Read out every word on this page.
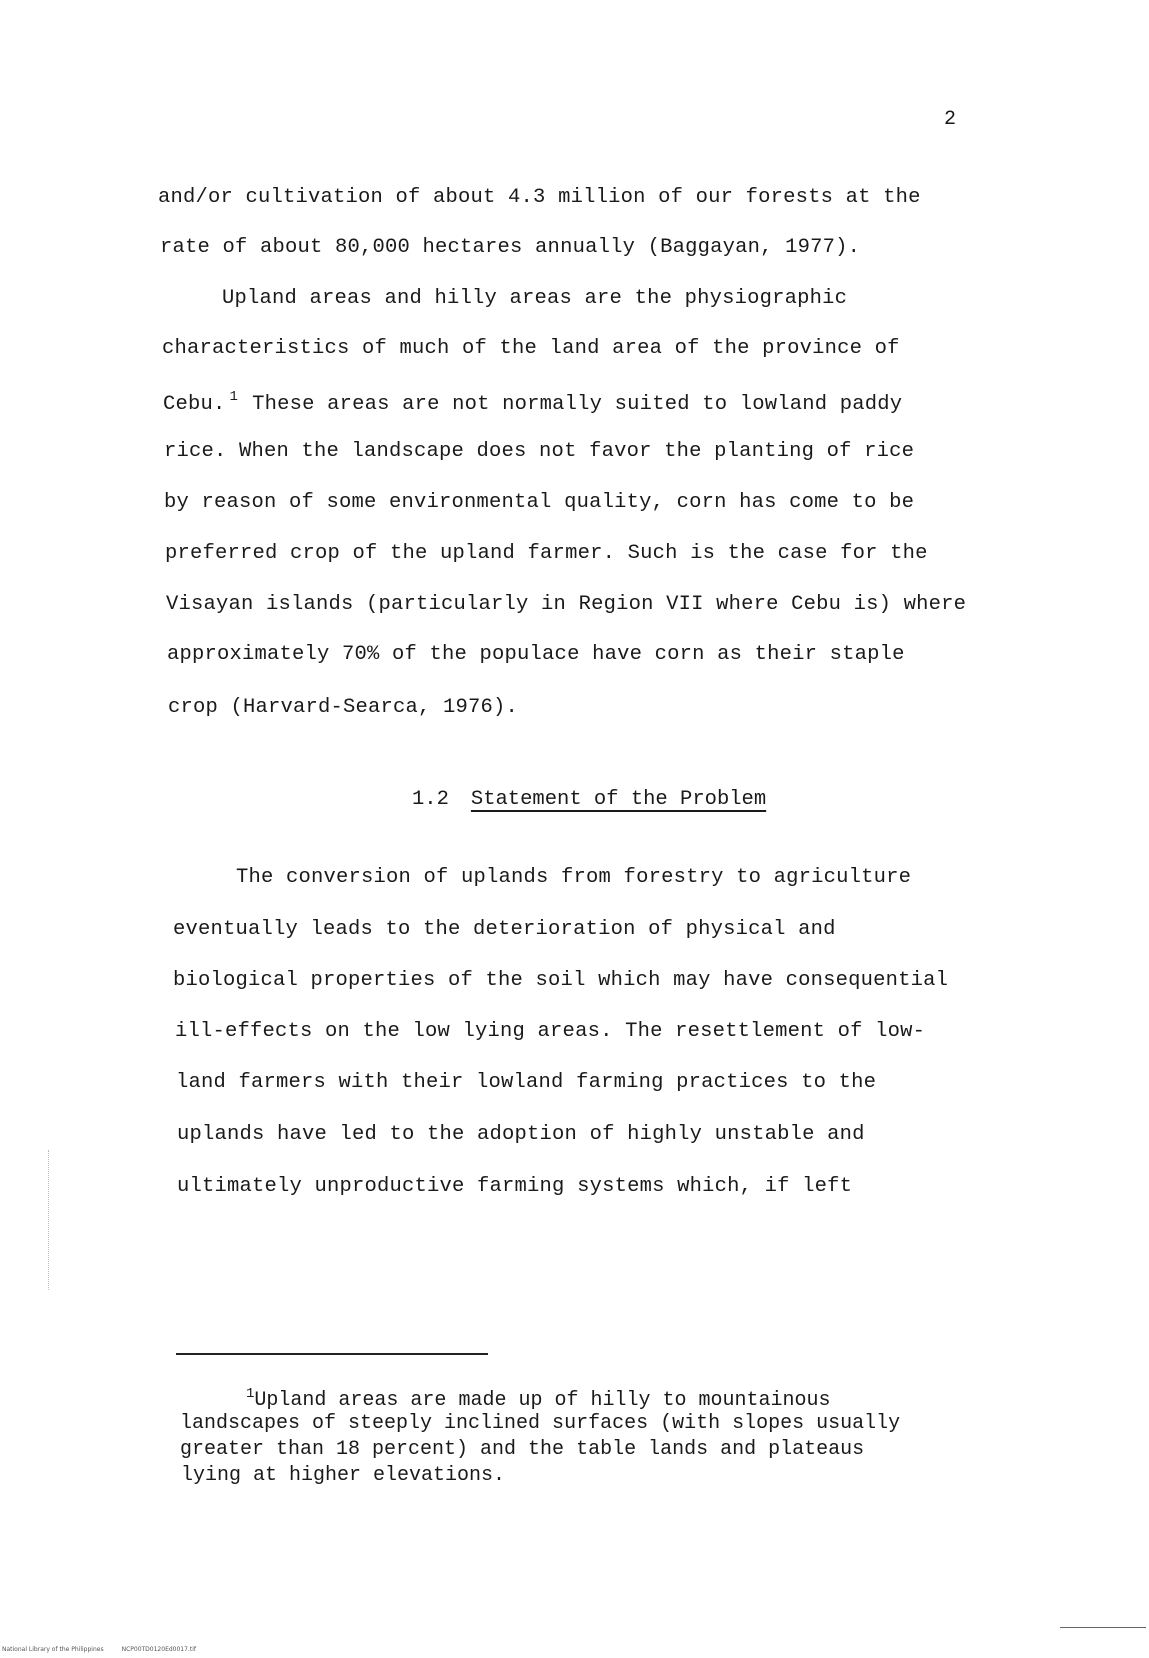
2
and/or cultivation of about 4.3 million of our forests at the
rate of about 80,000 hectares annually (Baggayan, 1977).
Upland areas and hilly areas are the physiographic
characteristics of much of the land area of the province of
Cebu. $^1$ These areas are not normally suited to lowland paddy
rice. When the landscape does not favor the planting of rice
by reason of some environmental quality, corn has come to be
preferred crop of the upland farmer. Such is the case for the
Visayan islands (particularly in Region VII where Cebu is) where
approximately 70% of the populace have corn as their staple
crop (Harvard-Searca, 1976).
1.2 Statement of the Problem
The conversion of uplands from forestry to agriculture
eventually leads to the deterioration of physical and
biological properties of the soil which may have consequential
ill-effects on the low lying areas. The resettlement of low-
land farmers with their lowland farming practices to the
uplands have led to the adoption of highly unstable and
ultimately unproductive farming systems which, if left
$^1$Upland areas are made up of hilly to mountainous
landscapes of steeply inclined surfaces (with slopes usually
greater than 18 percent) and the table lands and plateaus
lying at higher elevations.
National Library of the Philippines	NCP00TD0120Ed0017.tif
